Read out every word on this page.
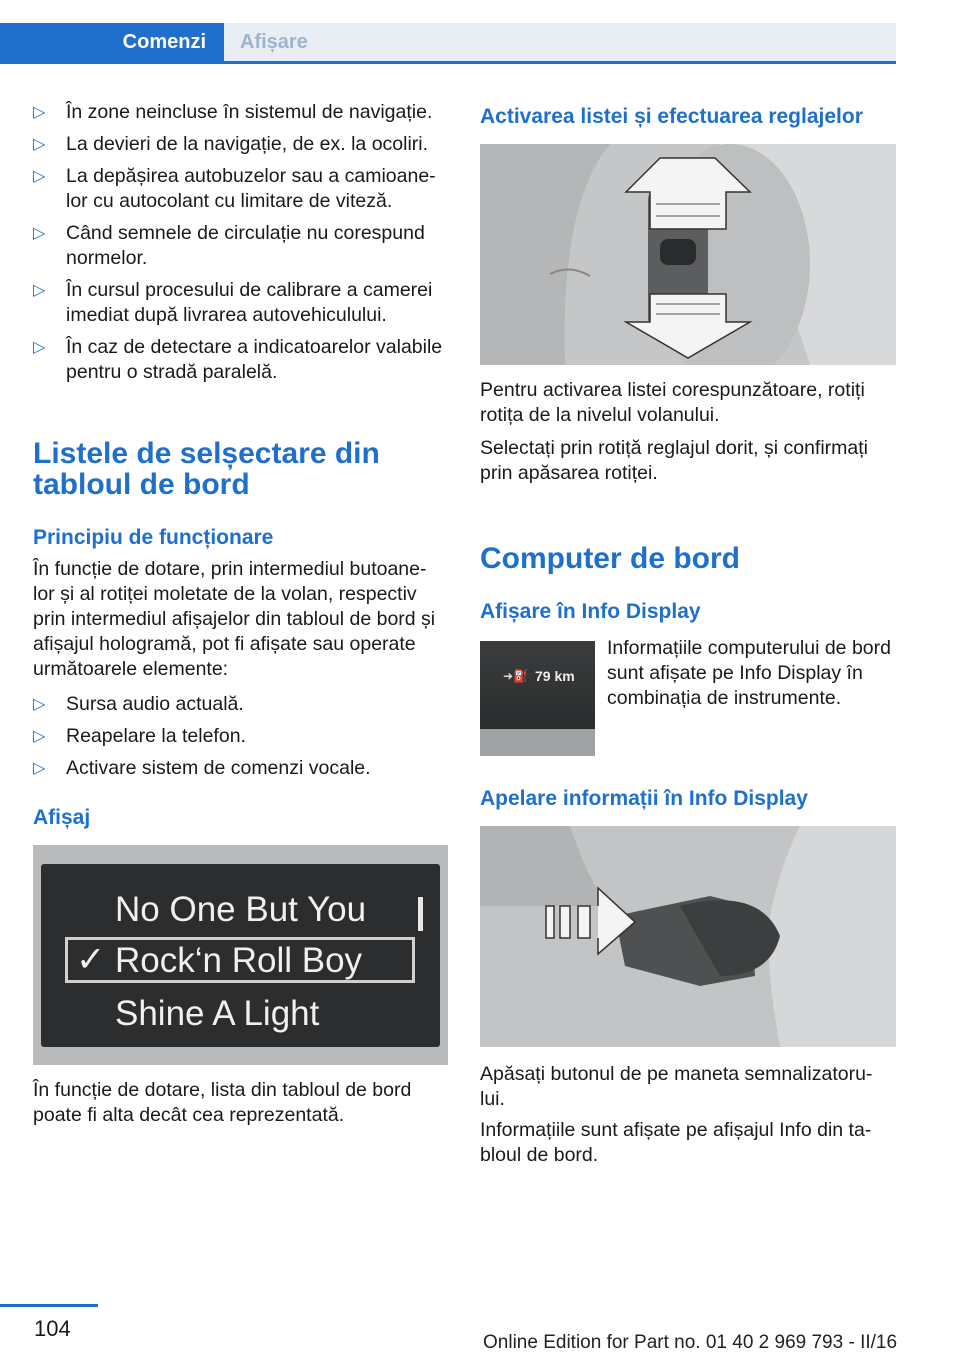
Comenzi Afișare
▷ În zone neincluse în sistemul de navigație.
▷ La devieri de la navigație, de ex. la ocoliri.
▷ La depășirea autobuzelor sau a camioane‐lor cu autocolant cu limitare de viteză.
▷ Când semnele de circulație nu corespund normelor.
▷ În cursul procesului de calibrare a camerei imediat după livrarea autovehiculului.
▷ În caz de detectare a indicatoarelor valabile pentru o stradă paralelă.
Listele de selșectare din tabloul de bord
Principiu de funcționare
În funcție de dotare, prin intermediul butoane‐lor și al rotiței moletate de la volan, respectiv prin intermediul afișajelor din tabloul de bord și afișajul hologramă, pot fi afișate sau operate următoarele elemente:
▷ Sursa audio actuală.
▷ Reapelare la telefon.
▷ Activare sistem de comenzi vocale.
Afișaj
No One But You
✓ Rock‘n Roll Boy
Shine A Light
În funcție de dotare, lista din tabloul de bord poate fi alta decât cea reprezentată.
Activarea listei și efectuarea reglajelor
Pentru activarea listei corespunzătoare, rotiți rotița de la nivelul volanului.
Selectați prin rotiță reglajul dorit, și confirmați prin apăsarea rotiței.
Computer de bord
Afișare în Info Display
➜⛽ 79 km
Informațiile computerului de bord sunt afișate pe Info Display în combinația de instrumente.
Apelare informații în Info Display
Apăsați butonul de pe maneta semnalizatoru‐lui.
Informațiile sunt afișate pe afișajul Info din ta‐bloul de bord.
104
Online Edition for Part no. 01 40 2 969 793 - II/16
